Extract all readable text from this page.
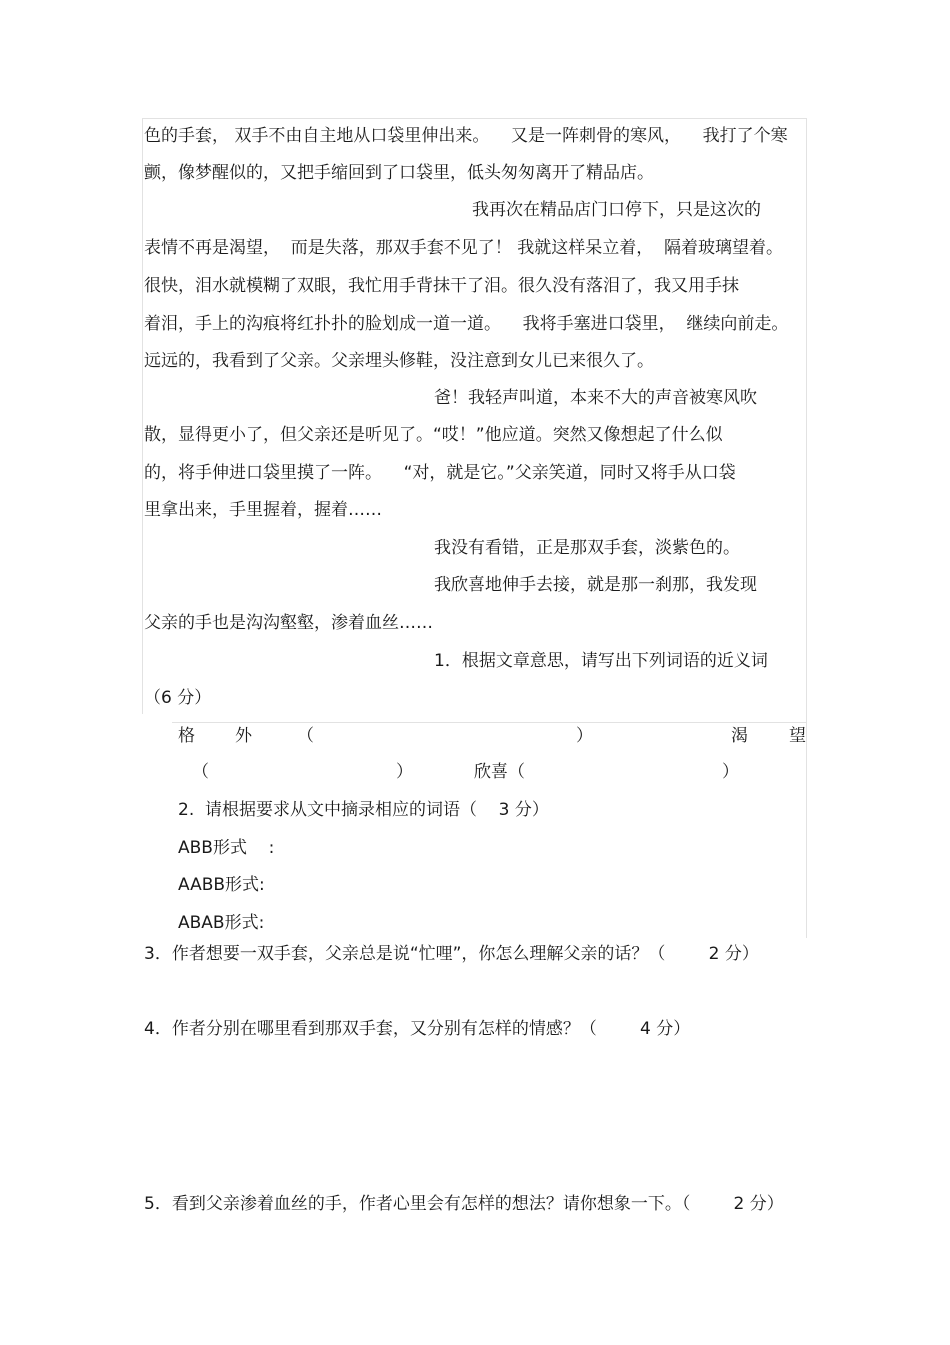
色的手套， 双手不由自主地从口袋里伸出来。    又是一阵刺骨的寒风，    我打了个寒
颤，像梦醒似的，又把手缩回到了口袋里，低头匆匆离开了精品店。
我再次在精品店门口停下，只是这次的
表情不再是渴望，  而是失落，那双手套不见了！ 我就这样呆立着，  隔着玻璃望着。
很快，泪水就模糊了双眼，我忙用手背抹干了泪。很久没有落泪了，我又用手抹
着泪，手上的沟痕将红扑扑的脸划成一道一道。    我将手塞进口袋里，  继续向前走。
远远的，我看到了父亲。父亲埋头修鞋，没注意到女儿已来很久了。
爸！我轻声叫道，本来不大的声音被寒风吹
散，显得更小了，但父亲还是听见了。“哎！”他应道。突然又像想起了什么似
的，将手伸进口袋里摸了一阵。    “对，就是它。”父亲笑道，同时又将手从口袋
里拿出来，手里握着，握着……
我没有看错，正是那双手套，淡紫色的。
我欣喜地伸手去接，就是那一刹那，我发现
父亲的手也是沟沟壑壑，渗着血丝……
1．根据文章意思，请写出下列词语的近义词
（6 分）
格 外	（	）	渴 望
（	）	欣喜（	）
2.  请根据要求从文中摘录相应的词语（    3 分）
ABB形式    :
AABB形式:
ABAB形式:
3．作者想要一双手套，父亲总是说“忙哩”，你怎么理解父亲的话？（        2 分）
4．作者分别在哪里看到那双手套，又分别有怎样的情感？（        4 分）
5．看到父亲渗着血丝的手，作者心里会有怎样的想法？请你想象一下。（        2 分）
